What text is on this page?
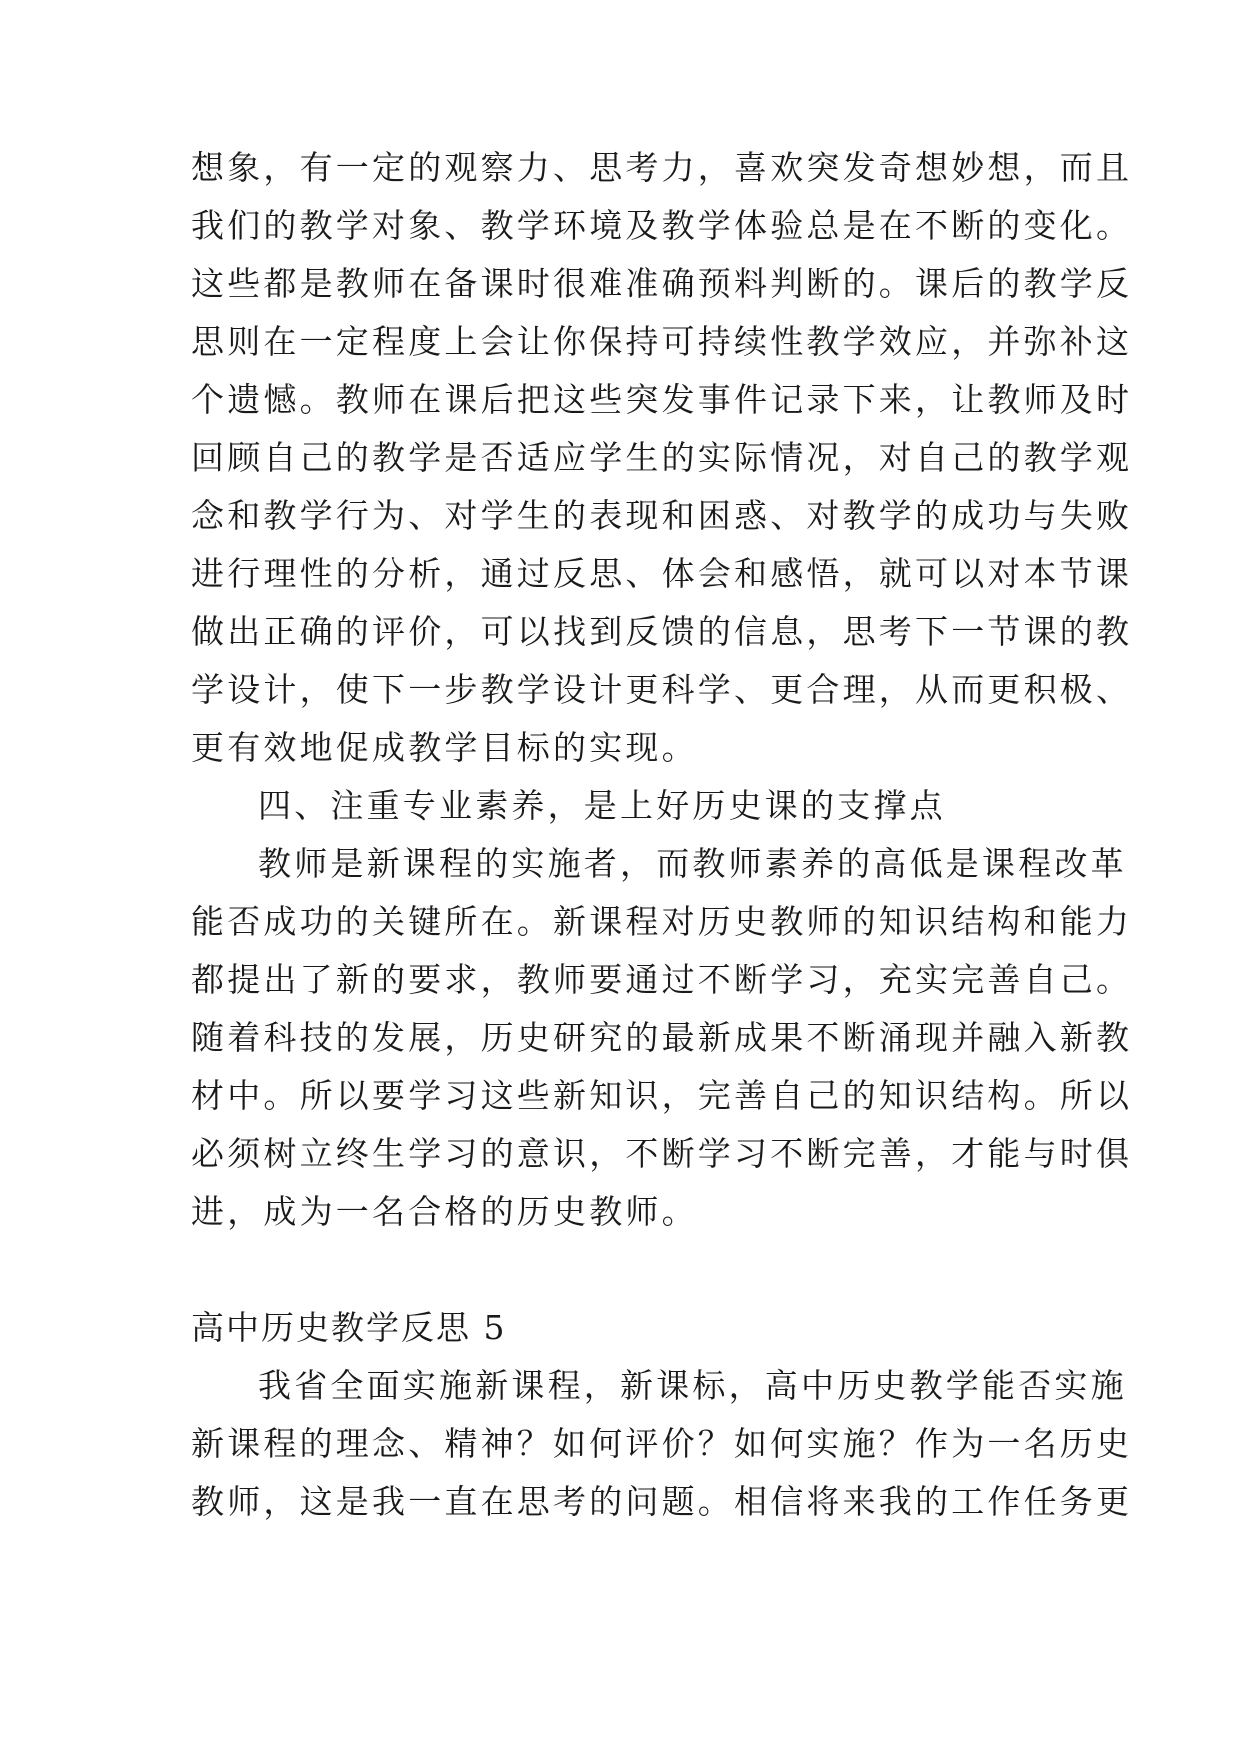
想象，有一定的观察力、思考力，喜欢突发奇想妙想，而且
我们的教学对象、教学环境及教学体验总是在不断的变化。
这些都是教师在备课时很难准确预料判断的。课后的教学反
思则在一定程度上会让你保持可持续性教学效应，并弥补这
个遗憾。教师在课后把这些突发事件记录下来，让教师及时
回顾自己的教学是否适应学生的实际情况，对自己的教学观
念和教学行为、对学生的表现和困惑、对教学的成功与失败
进行理性的分析，通过反思、体会和感悟，就可以对本节课
做出正确的评价，可以找到反馈的信息，思考下一节课的教
学设计，使下一步教学设计更科学、更合理，从而更积极、
更有效地促成教学目标的实现。
四、注重专业素养，是上好历史课的支撑点
教师是新课程的实施者，而教师素养的高低是课程改革
能否成功的关键所在。新课程对历史教师的知识结构和能力
都提出了新的要求，教师要通过不断学习，充实完善自己。
随着科技的发展，历史研究的最新成果不断涌现并融入新教
材中。所以要学习这些新知识，完善自己的知识结构。所以
必须树立终生学习的意识，不断学习不断完善，才能与时俱
进，成为一名合格的历史教师。
高中历史教学反思 5
我省全面实施新课程，新课标，高中历史教学能否实施
新课程的理念、精神？如何评价？如何实施？作为一名历史
教师，这是我一直在思考的问题。相信将来我的工作任务更
